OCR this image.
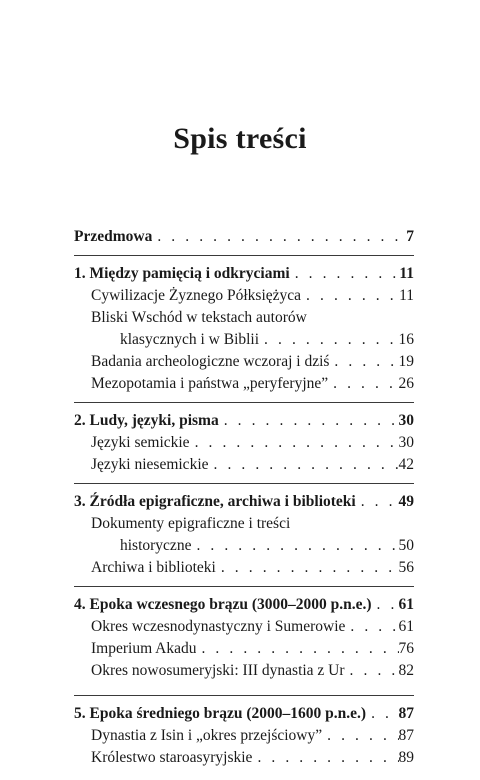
Spis treści
Przedmowa . . .	7
1. Między pamięcią i odkryciami . . .	11
Cywilizacje Żyznego Półksiężyca . . .	11
Bliski Wschód w tekstach autorów
klasycznych i w Biblii . . .	16
Badania archeologiczne wczoraj i dziś . . .	19
Mezopotamia i państwa „peryferyjne” . . .	26
2. Ludy, języki, pisma . . .	30
Języki semickie . . .	30
Języki niesemickie . . .	42
3. Źródła epigraficzne, archiwa i biblioteki . . .	49
Dokumenty epigraficzne i treści
historyczne . . .	50
Archiwa i biblioteki . . .	56
4. Epoka wczesnego brązu (3000–2000 p.n.e.) . . . 61
Okres wczesnodynastyczny i Sumerowie . . .	61
Imperium Akadu . . .	76
Okres nowosumeryjski: III dynastia z Ur . . .	82
5. Epoka średniego brązu (2000–1600 p.n.e.) . . . 87
Dynastia z Isin i „okres przejściowy” . . .	87
Królestwo staroasyryjskie . . .	89
